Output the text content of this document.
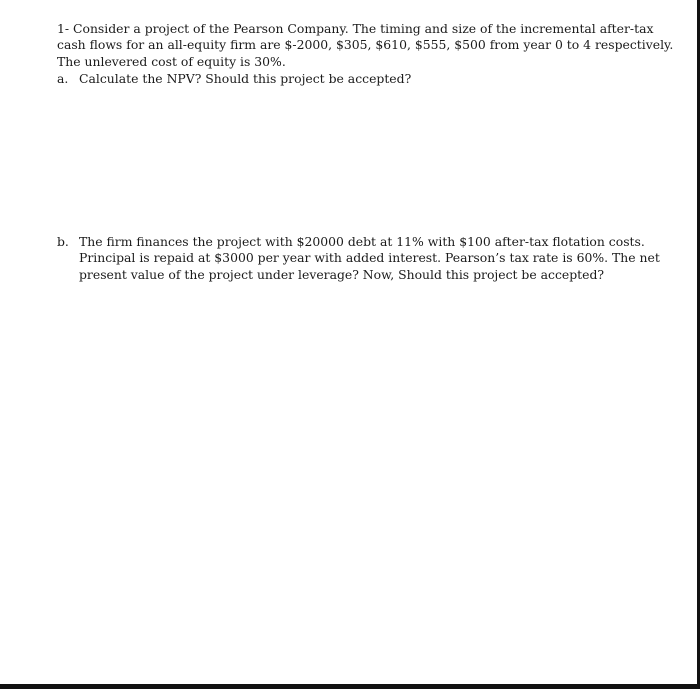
1- Consider a project of the Pearson Company. The timing and size of the incremental after-tax

cash flows for an all-equity firm are $-2000, $305, $610, $555, $500 from year 0 to 4 respectively.

The unlevered cost of equity is 30%.

a. Calculate the NPV? Should this project be accepted?
b. The firm finances the project with $20000 debt at 11% with $100 after-tax flotation costs.

Principal is repaid at $3000 per year with added interest. Pearson’s tax rate is 60%. The net

present value of the project under leverage? Now, Should this project be accepted?
